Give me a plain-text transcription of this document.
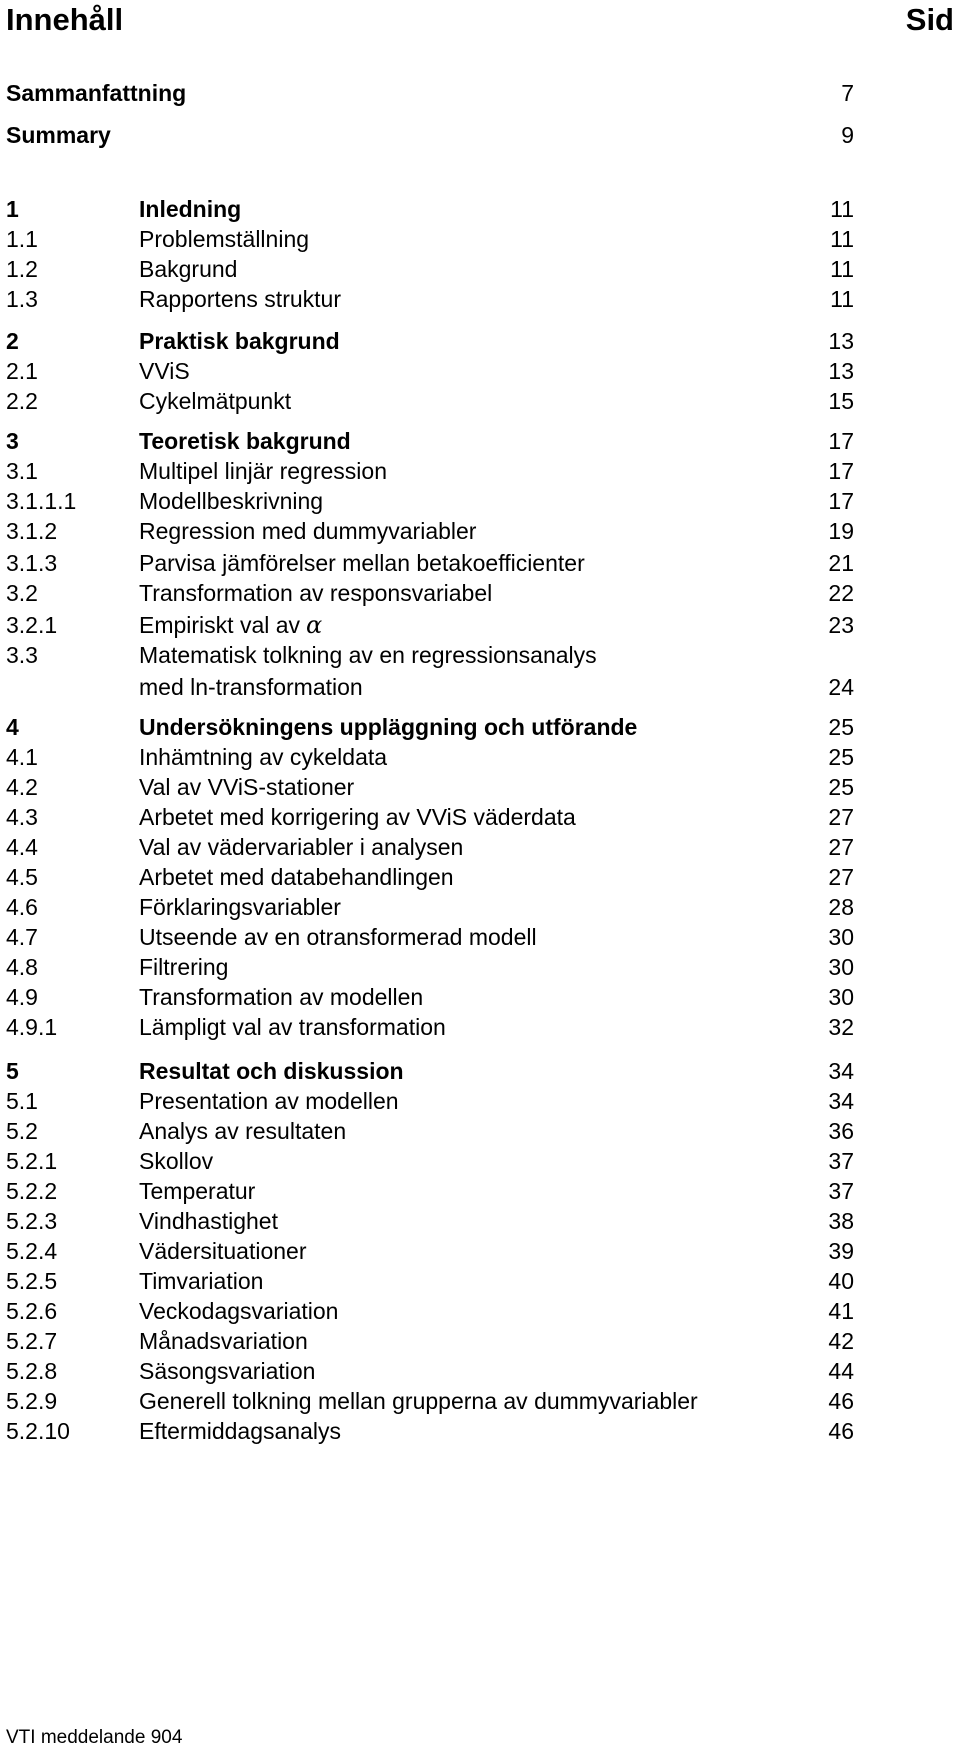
Innehåll	Sid
Sammanfattning	7
Summary	9
1	Inledning	11
1.1	Problemställning	11
1.2	Bakgrund	11
1.3	Rapportens struktur	11
2	Praktisk bakgrund	13
2.1	VViS	13
2.2	Cykelmätpunkt	15
3	Teoretisk bakgrund	17
3.1	Multipel linjär regression	17
3.1.1.1	Modellbeskrivning	17
3.1.2	Regression med dummyvariabler	19
3.1.3	Parvisa jämförelser mellan betakoefficienter	21
3.2	Transformation av responsvariabel	22
3.2.1	Empiriskt val av α	23
3.3	Matematisk tolkning av en regressionsanalys
med ln-transformation	24
4	Undersökningens uppläggning och utförande	25
4.1	Inhämtning av cykeldata	25
4.2	Val av VViS-stationer	25
4.3	Arbetet med korrigering av VViS väderdata	27
4.4	Val av vädervariabler i analysen	27
4.5	Arbetet med databehandlingen	27
4.6	Förklaringsvariabler	28
4.7	Utseende av en otransformerad modell	30
4.8	Filtrering	30
4.9	Transformation av modellen	30
4.9.1	Lämpligt val av transformation	32
5	Resultat och diskussion	34
5.1	Presentation av modellen	34
5.2	Analys av resultaten	36
5.2.1	Skollov	37
5.2.2	Temperatur	37
5.2.3	Vindhastighet	38
5.2.4	Vädersituationer	39
5.2.5	Timvariation	40
5.2.6	Veckodagsvariation	41
5.2.7	Månadsvariation	42
5.2.8	Säsongsvariation	44
5.2.9	Generell tolkning mellan grupperna av dummyvariabler	46
5.2.10	Eftermiddagsanalys	46
VTI meddelande 904
